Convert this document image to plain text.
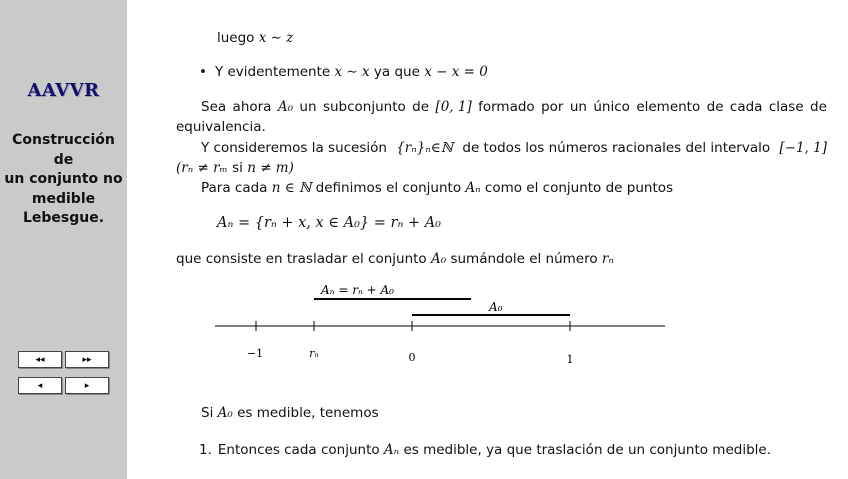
AAVVR
Construcción de
un conjunto no
medible
Lebesgue.
◂◂	▸▸
◂	▸
luego x ∼ z
• Y evidentemente x ∼ x ya que x − x = 0
Sea ahora A₀ un subconjunto de [0, 1] formado por un único elemento de cada clase de
equivalencia.
Y consideremos la sucesión {rₙ}ₙ∈ℕ de todos los números racionales del intervalo [−1, 1]
(rₙ ≠ rₘ si n ≠ m)
Para cada n ∈ ℕ definimos el conjunto Aₙ como el conjunto de puntos
Aₙ = {rₙ + x, x ∈ A₀} = rₙ + A₀
que consiste en trasladar el conjunto A₀ sumándole el número rₙ
Aₙ = rₙ + A₀
A₀
−1	rₙ	0	1
Si A₀ es medible, tenemos
1. Entonces cada conjunto Aₙ es medible, ya que traslación de un conjunto medible.
